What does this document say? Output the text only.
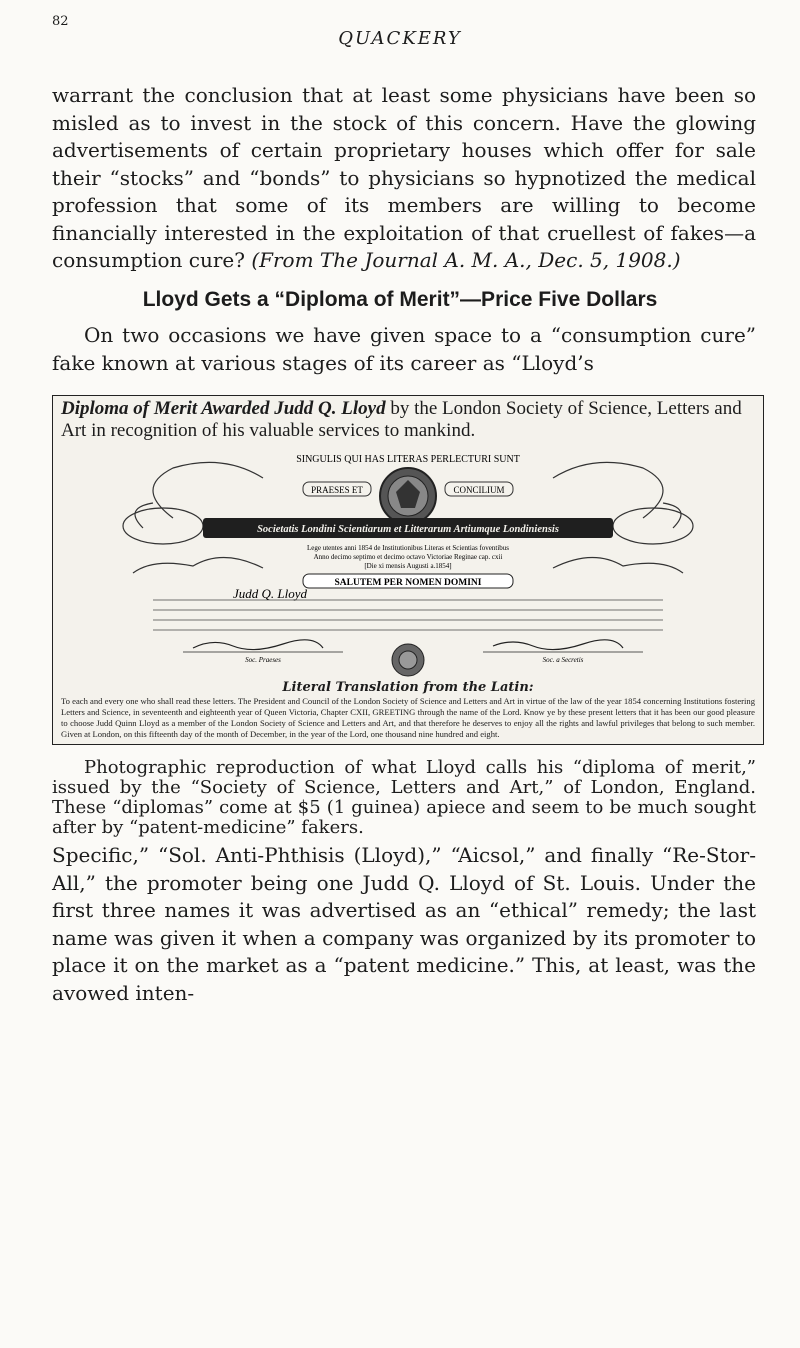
82
QUACKERY

warrant the conclusion that at least some physicians have been so misled as to invest in the stock of this concern. Have the glowing advertisements of certain proprietary houses which offer for sale their “stocks” and “bonds” to physicians so hypnotized the medical profession that some of its members are willing to become financially interested in the exploitation of that cruellest of fakes—a consumption cure? (From The Journal A. M. A., Dec. 5, 1908.)

Lloyd Gets a “Diploma of Merit”—Price Five Dollars

On two occasions we have given space to a “consumption cure” fake known at various stages of its career as “Lloyd’s

Diploma of Merit Awarded Judd Q. Lloyd by the London Society of Science, Letters and Art in recognition of his valuable services to mankind.
SINGULIS QUI HAS LITERAS PERLECTURI SUNT
PRAESES ET	CONCILIUM
Societatis Londini Scientiarum et Litterarum Artiumque Londiniensis
Lege utentes anni 1854 de Institutionibus Literas et Scientias foventibus
Anno decimo septimo et decimo octavo Victoriae Reginae cap. cxii
[Die xi mensis Augusti a.1854]
SALUTEM PER NOMEN DOMINI
Judd Q. Lloyd
Soc. Praeses	Soc. a Secretis
Literal Translation from the Latin:
To each and every one who shall read these letters. The President and Council of the London Society of Science and Letters and Art in virtue of the law of the year 1854 concerning Institutions fostering Letters and Science, in seventeenth and eighteenth year of Queen Victoria, Chapter CXII, GREETING through the name of the Lord. Know ye by these present letters that it has been our good pleasure to choose Judd Quinn Lloyd as a member of the London Society of Science and Letters and Art, and that therefore he deserves to enjoy all the rights and lawful privileges that belong to such member. Given at London, on this fifteenth day of the month of December, in the year of the Lord, one thousand nine hundred and eight.

Photographic reproduction of what Lloyd calls his “diploma of merit,” issued by the “Society of Science, Letters and Art,” of London, England. These “diplomas” come at $5 (1 guinea) apiece and seem to be much sought after by “patent-medicine” fakers.

Specific,” “Sol. Anti-Phthisis (Lloyd),” “Aicsol,” and finally “Re-Stor-All,” the promoter being one Judd Q. Lloyd of St. Louis. Under the first three names it was advertised as an “ethical” remedy; the last name was given it when a company was organized by its promoter to place it on the market as a “patent medicine.” This, at least, was the avowed inten-
